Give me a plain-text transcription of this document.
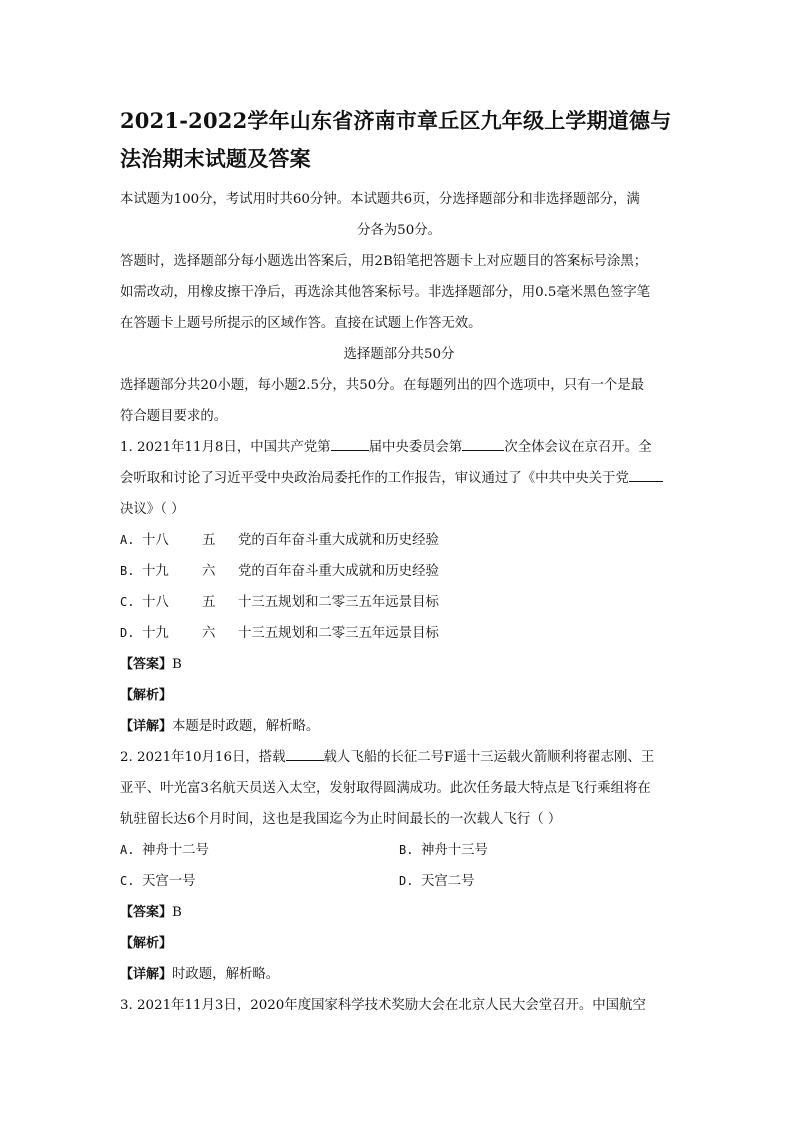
2021-2022学年山东省济南市章丘区九年级上学期道德与法治期末试题及答案

本试题为100分，考试用时共60分钟。本试题共6页，分选择题部分和非选择题部分，满

分各为50分。

答题时，选择题部分每小题选出答案后，用2B铅笔把答题卡上对应题目的答案标号涂黑；

如需改动，用橡皮擦干净后，再选涂其他答案标号。非选择题部分，用0.5毫米黑色签字笔

在答题卡上题号所提示的区域作答。直接在试题上作答无效。

选择题部分共50分

选择题部分共20小题，每小题2.5分，共50分。在每题列出的四个选项中，只有一个是最

符合题目要求的。

1. 2021年11月8日，中国共产党第	届中央委员会第	次全体会议在京召开。全

会听取和讨论了习近平受中央政治局委托作的工作报告，审议通过了《中共中央关于党

决议》（ ）

A. 十八	五	党的百年奋斗重大成就和历史经验
B. 十九	六	党的百年奋斗重大成就和历史经验
C. 十八	五	十三五规划和二零三五年远景目标
D. 十九	六	十三五规划和二零三五年远景目标

【答案】B

【解析】

【详解】本题是时政题，解析略。

2. 2021年10月16日，搭载	载人飞船的长征二号F遥十三运载火箭顺利将翟志刚、王

亚平、叶光富3名航天员送入太空，发射取得圆满成功。此次任务最大特点是飞行乘组将在

轨驻留长达6个月时间，这也是我国迄今为止时间最长的一次载人飞行（ ）

A. 神舟十二号	B. 神舟十三号
C. 天宫一号	D. 天宫二号

【答案】B

【解析】

【详解】时政题，解析略。

3. 2021年11月3日，2020年度国家科学技术奖励大会在北京人民大会堂召开。中国航空
